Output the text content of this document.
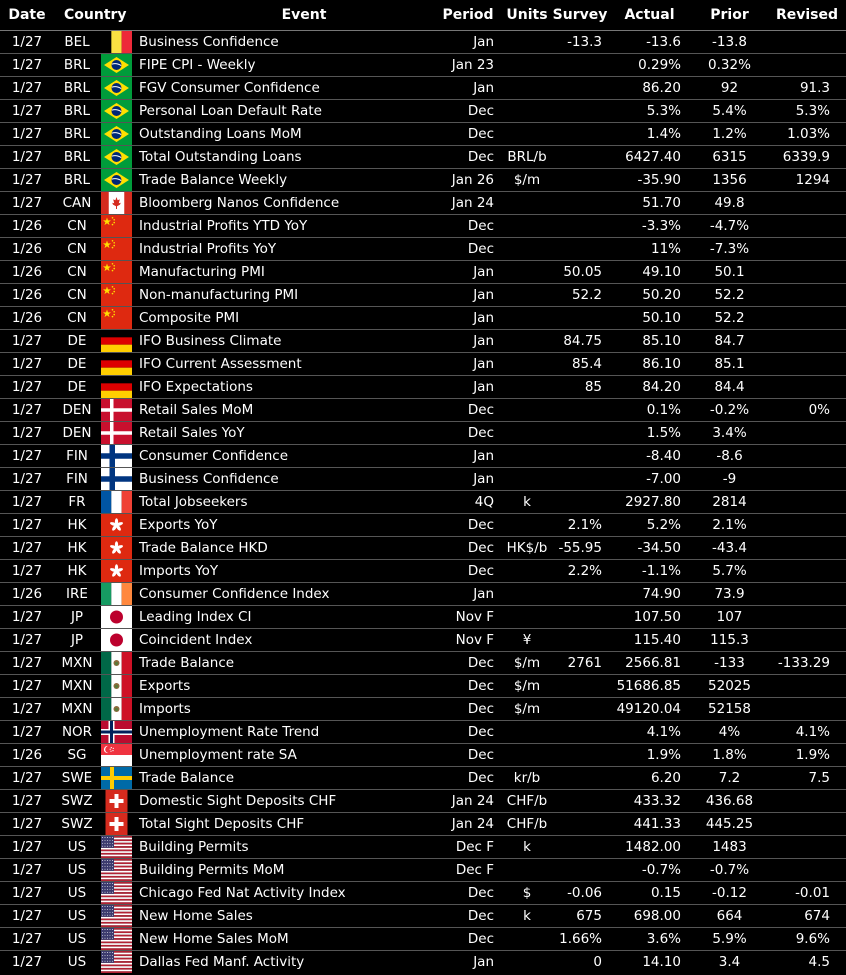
Date	Country		Event	Period	Units	Survey	Actual	Prior	Revised
1/27	BEL		Business Confidence	Jan		-13.3	-13.6	-13.8	
1/27	BRL		FIPE CPI - Weekly	Jan 23			0.29%	0.32%	
1/27	BRL		FGV Consumer Confidence	Jan			86.20	92	91.3
1/27	BRL		Personal Loan Default Rate	Dec			5.3%	5.4%	5.3%
1/27	BRL		Outstanding Loans MoM	Dec			1.4%	1.2%	1.03%
1/27	BRL		Total Outstanding Loans	Dec	BRL/b		6427.40	6315	6339.9
1/27	BRL		Trade Balance Weekly	Jan 26	$/m		-35.90	1356	1294
1/27	CAN		Bloomberg Nanos Confidence	Jan 24			51.70	49.8	
1/26	CN		Industrial Profits YTD YoY	Dec			-3.3%	-4.7%	
1/26	CN		Industrial Profits YoY	Dec			11%	-7.3%	
1/26	CN		Manufacturing PMI	Jan		50.05	49.10	50.1	
1/26	CN		Non-manufacturing PMI	Jan		52.2	50.20	52.2	
1/26	CN		Composite PMI	Jan			50.10	52.2	
1/27	DE		IFO Business Climate	Jan		84.75	85.10	84.7	
1/27	DE		IFO Current Assessment	Jan		85.4	86.10	85.1	
1/27	DE		IFO Expectations	Jan		85	84.20	84.4	
1/27	DEN		Retail Sales MoM	Dec			0.1%	-0.2%	0%
1/27	DEN		Retail Sales YoY	Dec			1.5%	3.4%	
1/27	FIN		Consumer Confidence	Jan			-8.40	-8.6	
1/27	FIN		Business Confidence	Jan			-7.00	-9	
1/27	FR		Total Jobseekers	4Q	k		2927.80	2814	
1/27	HK		Exports YoY	Dec		2.1%	5.2%	2.1%	
1/27	HK		Trade Balance HKD	Dec	HK$/b	-55.95	-34.50	-43.4	
1/27	HK		Imports YoY	Dec		2.2%	-1.1%	5.7%	
1/26	IRE		Consumer Confidence Index	Jan			74.90	73.9	
1/27	JP		Leading Index CI	Nov F			107.50	107	
1/27	JP		Coincident Index	Nov F	¥		115.40	115.3	
1/27	MXN		Trade Balance	Dec	$/m	2761	2566.81	-133	-133.29
1/27	MXN		Exports	Dec	$/m		51686.85	52025	
1/27	MXN		Imports	Dec	$/m		49120.04	52158	
1/27	NOR		Unemployment Rate Trend	Dec			4.1%	4%	4.1%
1/26	SG		Unemployment rate SA	Dec			1.9%	1.8%	1.9%
1/27	SWE		Trade Balance	Dec	kr/b		6.20	7.2	7.5
1/27	SWZ		Domestic Sight Deposits CHF	Jan 24	CHF/b		433.32	436.68	
1/27	SWZ		Total Sight Deposits CHF	Jan 24	CHF/b		441.33	445.25	
1/27	US		Building Permits	Dec F	k		1482.00	1483	
1/27	US		Building Permits MoM	Dec F			-0.7%	-0.7%	
1/27	US		Chicago Fed Nat Activity Index	Dec	$	-0.06	0.15	-0.12	-0.01
1/27	US		New Home Sales	Dec	k	675	698.00	664	674
1/27	US		New Home Sales MoM	Dec		1.66%	3.6%	5.9%	9.6%
1/27	US		Dallas Fed Manf. Activity	Jan		0	14.10	3.4	4.5
